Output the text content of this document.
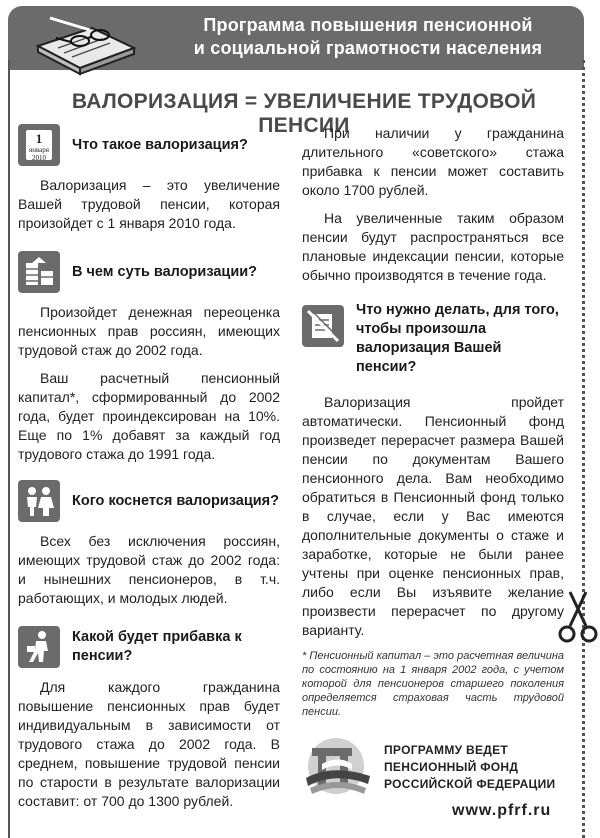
Программа повышения пенсионной
и социальной грамотности населения
ВАЛОРИЗАЦИЯ = УВЕЛИЧЕНИЕ ТРУДОВОЙ ПЕНСИИ
1
января
2010
Что такое валоризация?

Валоризация – это увеличение Вашей трудовой пенсии, которая произойдет с 1 января 2010 года.

В чем суть валоризации?

Произойдет денежная переоценка пенсионных прав россиян, имеющих трудовой стаж до 2002 года.

Ваш расчетный пенсионный капитал*, сформированный до 2002 года, будет проиндексирован на 10%. Еще по 1% добавят за каждый год трудового стажа до 1991 года.

Кого коснется валоризация?

Всех без исключения россиян, имеющих трудовой стаж до 2002 года: и нынешних пенсионеров, в т.ч. работающих, и молодых людей.

Какой будет прибавка к пенсии?

Для каждого гражданина повышение пенсионных прав будет индивидуальным в зависимости от трудового стажа до 2002 года. В среднем, повышение трудовой пенсии по старости в результате валоризации составит: от 700 до 1300 рублей.

При наличии у гражданина длительного «советского» стажа прибавка к пенсии может составить около 1700 рублей.

На увеличенные таким образом пенсии будут распространяться все плановые индексации пенсии, которые обычно производятся в течение года.

Что нужно делать, для того, чтобы произошла валоризация Вашей пенсии?

Валоризация пройдет автоматически. Пенсионный фонд произведет перерасчет размера Вашей пенсии по документам Вашего пенсионного дела. Вам необходимо обратиться в Пенсионный фонд только в случае, если у Вас имеются дополнительные документы о стаже и заработке, которые не были ранее учтены при оценке пенсионных прав, либо если Вы изъявите желание произвести перерасчет по другому варианту.

* Пенсионный капитал – это расчетная величина по состоянию на 1 января 2002 года, с учетом которой для пенсионеров старшего поколения определяется страховая часть трудовой пенсии.
ПРОГРАММУ ВЕДЕТ
ПЕНСИОННЫЙ ФОНД
РОССИЙСКОЙ ФЕДЕРАЦИИ
www.pfrf.ru
